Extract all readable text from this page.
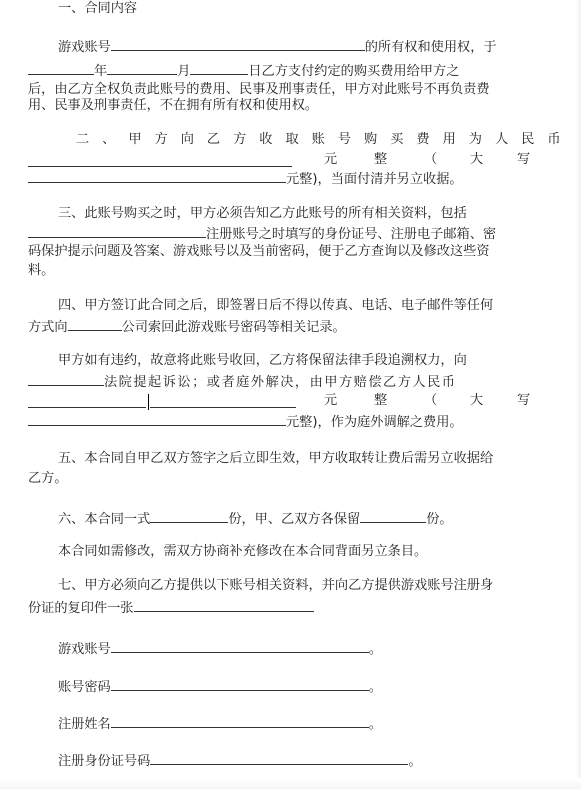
一、合同内容
游戏账号	的所有权和使用权，于
年	月	日乙方支付约定的购买费用给甲方之
后，由乙方全权负责此账号的费用、民事及刑事责任，甲方对此账号不再负责费
用、民事及刑事责任，不在拥有所有权和使用权。
二、甲方向乙方收取账号购买费用为人民币
元	整	（ 大	写
元整)，当面付清并另立收据。
三、此账号购买之时，甲方必须告知乙方此账号的所有相关资料，包括
注册账号之时填写的身份证号、注册电子邮箱、密
码保护提示问题及答案、游戏账号以及当前密码，便于乙方查询以及修改这些资
料。
四、甲方签订此合同之后，即签署日后不得以传真、电话、电子邮件等任何
方式向	公司索回此游戏账号密码等相关记录。
甲方如有违约，故意将此账号收回，乙方将保留法律手段追溯权力，向
法院提起诉讼；或者庭外解决，由甲方赔偿乙方人民币
元	整	（ 大	写
元整)，作为庭外调解之费用。
五、本合同自甲乙双方签字之后立即生效，甲方收取转让费后需另立收据给
乙方。
六、本合同一式	份，甲、乙双方各保留	份。
本合同如需修改，需双方协商补充修改在本合同背面另立条目。
七、甲方必须向乙方提供以下账号相关资料，并向乙方提供游戏账号注册身
份证的复印件一张
游戏账号	。
账号密码	。
注册姓名	。
注册身份证号码	。
